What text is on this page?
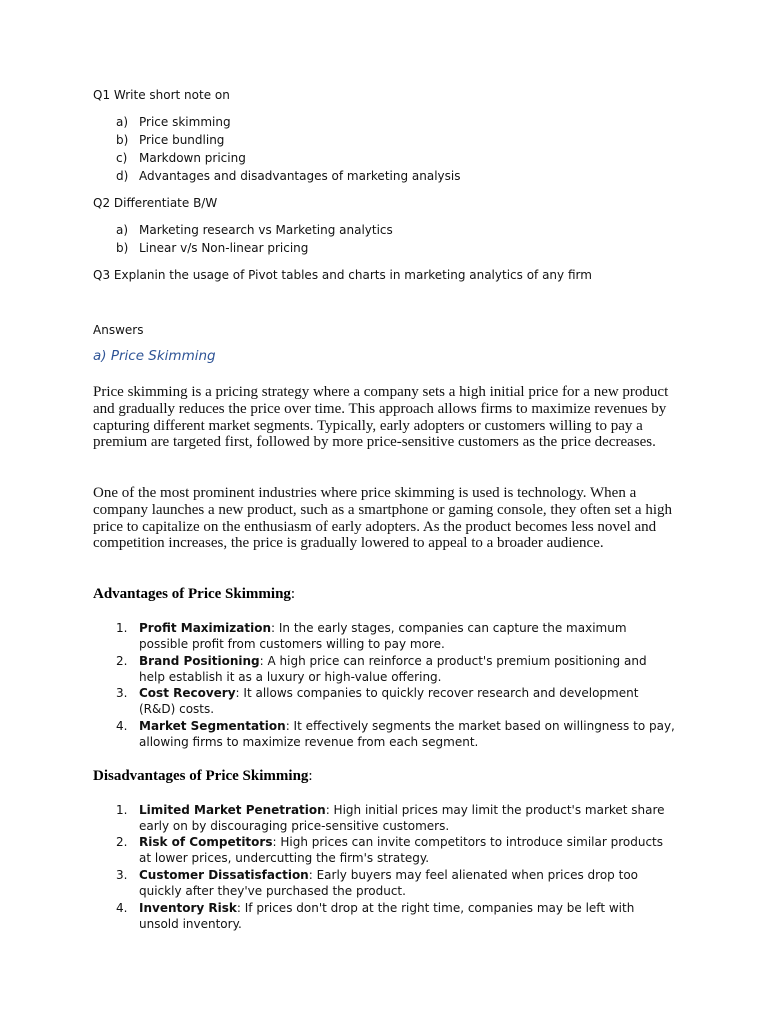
Q1 Write short note on

a) Price skimming
b) Price bundling
c) Markdown pricing
d) Advantages and disadvantages of marketing analysis

Q2 Differentiate B/W

a) Marketing research vs Marketing analytics
b) Linear v/s Non-linear pricing

Q3 Explanin the usage of Pivot tables and charts in marketing analytics of any firm

Answers

a) Price Skimming

Price skimming is a pricing strategy where a company sets a high initial price for a new product and gradually reduces the price over time. This approach allows firms to maximize revenues by capturing different market segments. Typically, early adopters or customers willing to pay a premium are targeted first, followed by more price-sensitive customers as the price decreases.

One of the most prominent industries where price skimming is used is technology. When a company launches a new product, such as a smartphone or gaming console, they often set a high price to capitalize on the enthusiasm of early adopters. As the product becomes less novel and competition increases, the price is gradually lowered to appeal to a broader audience.

Advantages of Price Skimming:

1. Profit Maximization: In the early stages, companies can capture the maximum possible profit from customers willing to pay more.
2. Brand Positioning: A high price can reinforce a product's premium positioning and help establish it as a luxury or high-value offering.
3. Cost Recovery: It allows companies to quickly recover research and development (R&D) costs.
4. Market Segmentation: It effectively segments the market based on willingness to pay, allowing firms to maximize revenue from each segment.

Disadvantages of Price Skimming:

1. Limited Market Penetration: High initial prices may limit the product's market share early on by discouraging price-sensitive customers.
2. Risk of Competitors: High prices can invite competitors to introduce similar products at lower prices, undercutting the firm's strategy.
3. Customer Dissatisfaction: Early buyers may feel alienated when prices drop too quickly after they've purchased the product.
4. Inventory Risk: If prices don't drop at the right time, companies may be left with unsold inventory.
